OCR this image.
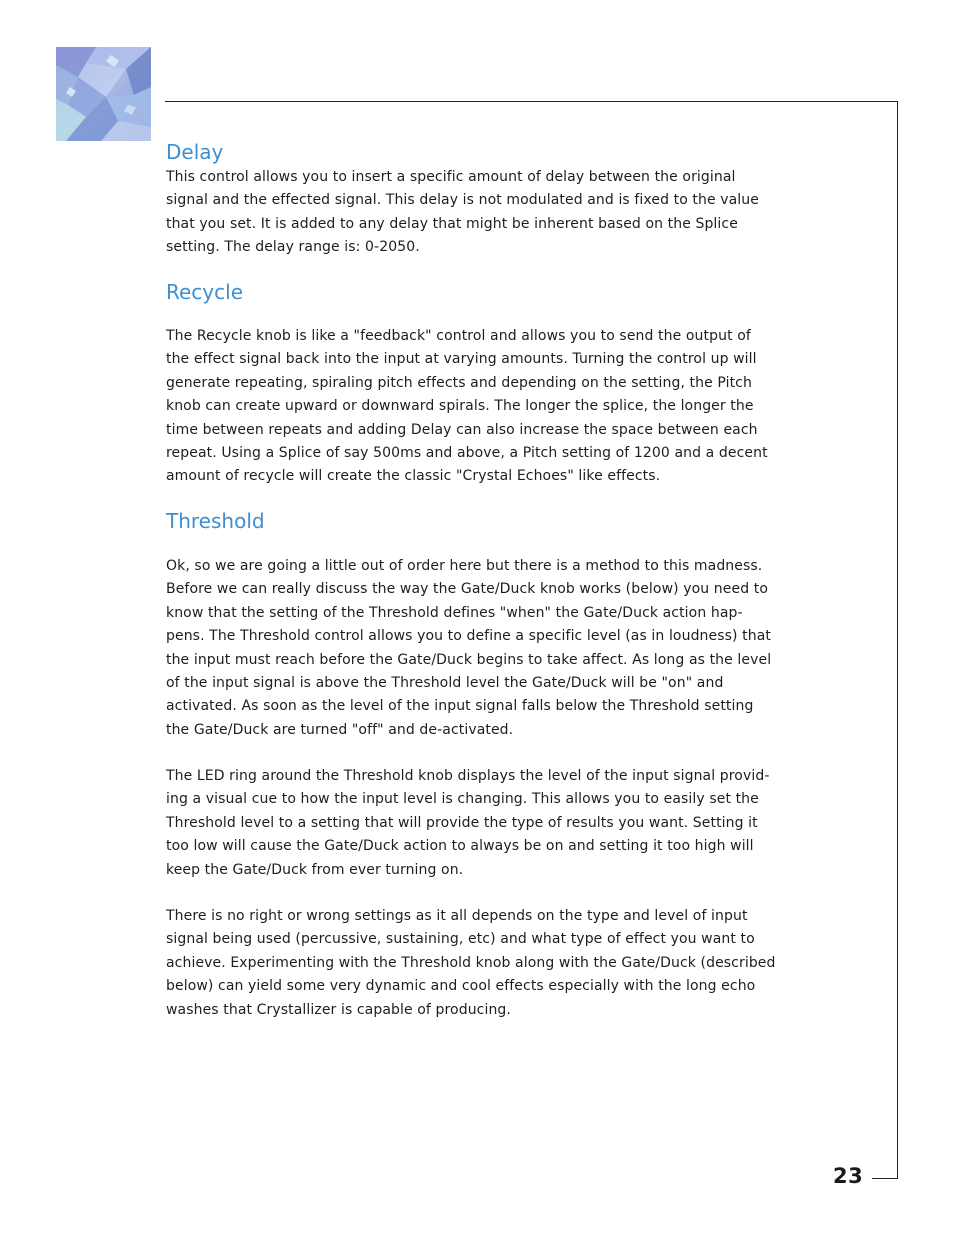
Delay

This control allows you to insert a specific amount of delay between the original
signal and the effected signal. This delay is not modulated and is fixed to the value
that you set. It is added to any delay that might be inherent based on the Splice
setting. The delay range is: 0-2050.

Recycle

The Recycle knob is like a "feedback" control and allows you to send the output of
the effect signal back into the input at varying amounts. Turning the control up will
generate repeating, spiraling pitch effects and depending on the setting, the Pitch
knob can create upward or downward spirals. The longer the splice, the longer the
time between repeats and adding Delay can also increase the space between each
repeat. Using a Splice of say 500ms and above, a Pitch setting of 1200 and a decent
amount of recycle will create the classic "Crystal Echoes" like effects.

Threshold

Ok, so we are going a little out of order here but there is a method to this madness.
Before we can really discuss the way the Gate/Duck knob works (below) you need to
know that the setting of the Threshold defines "when" the Gate/Duck action hap-
pens. The Threshold control allows you to define a specific level (as in loudness) that
the input must reach before the Gate/Duck begins to take affect. As long as the level
of the input signal is above the Threshold level the Gate/Duck will be "on" and
activated. As soon as the level of the input signal falls below the Threshold setting
the Gate/Duck are turned "off" and de-activated.

The LED ring around the Threshold knob displays the level of the input signal provid-
ing a visual cue to how the input level is changing. This allows you to easily set the
Threshold level to a setting that will provide the type of results you want. Setting it
too low will cause the Gate/Duck action to always be on and setting it too high will
keep the Gate/Duck from ever turning on.

There is no right or wrong settings as it all depends on the type and level of input
signal being used (percussive, sustaining, etc) and what type of effect you want to
achieve. Experimenting with the Threshold knob along with the Gate/Duck (described
below) can yield some very dynamic and cool effects especially with the long echo
washes that Crystallizer is capable of producing.

23
